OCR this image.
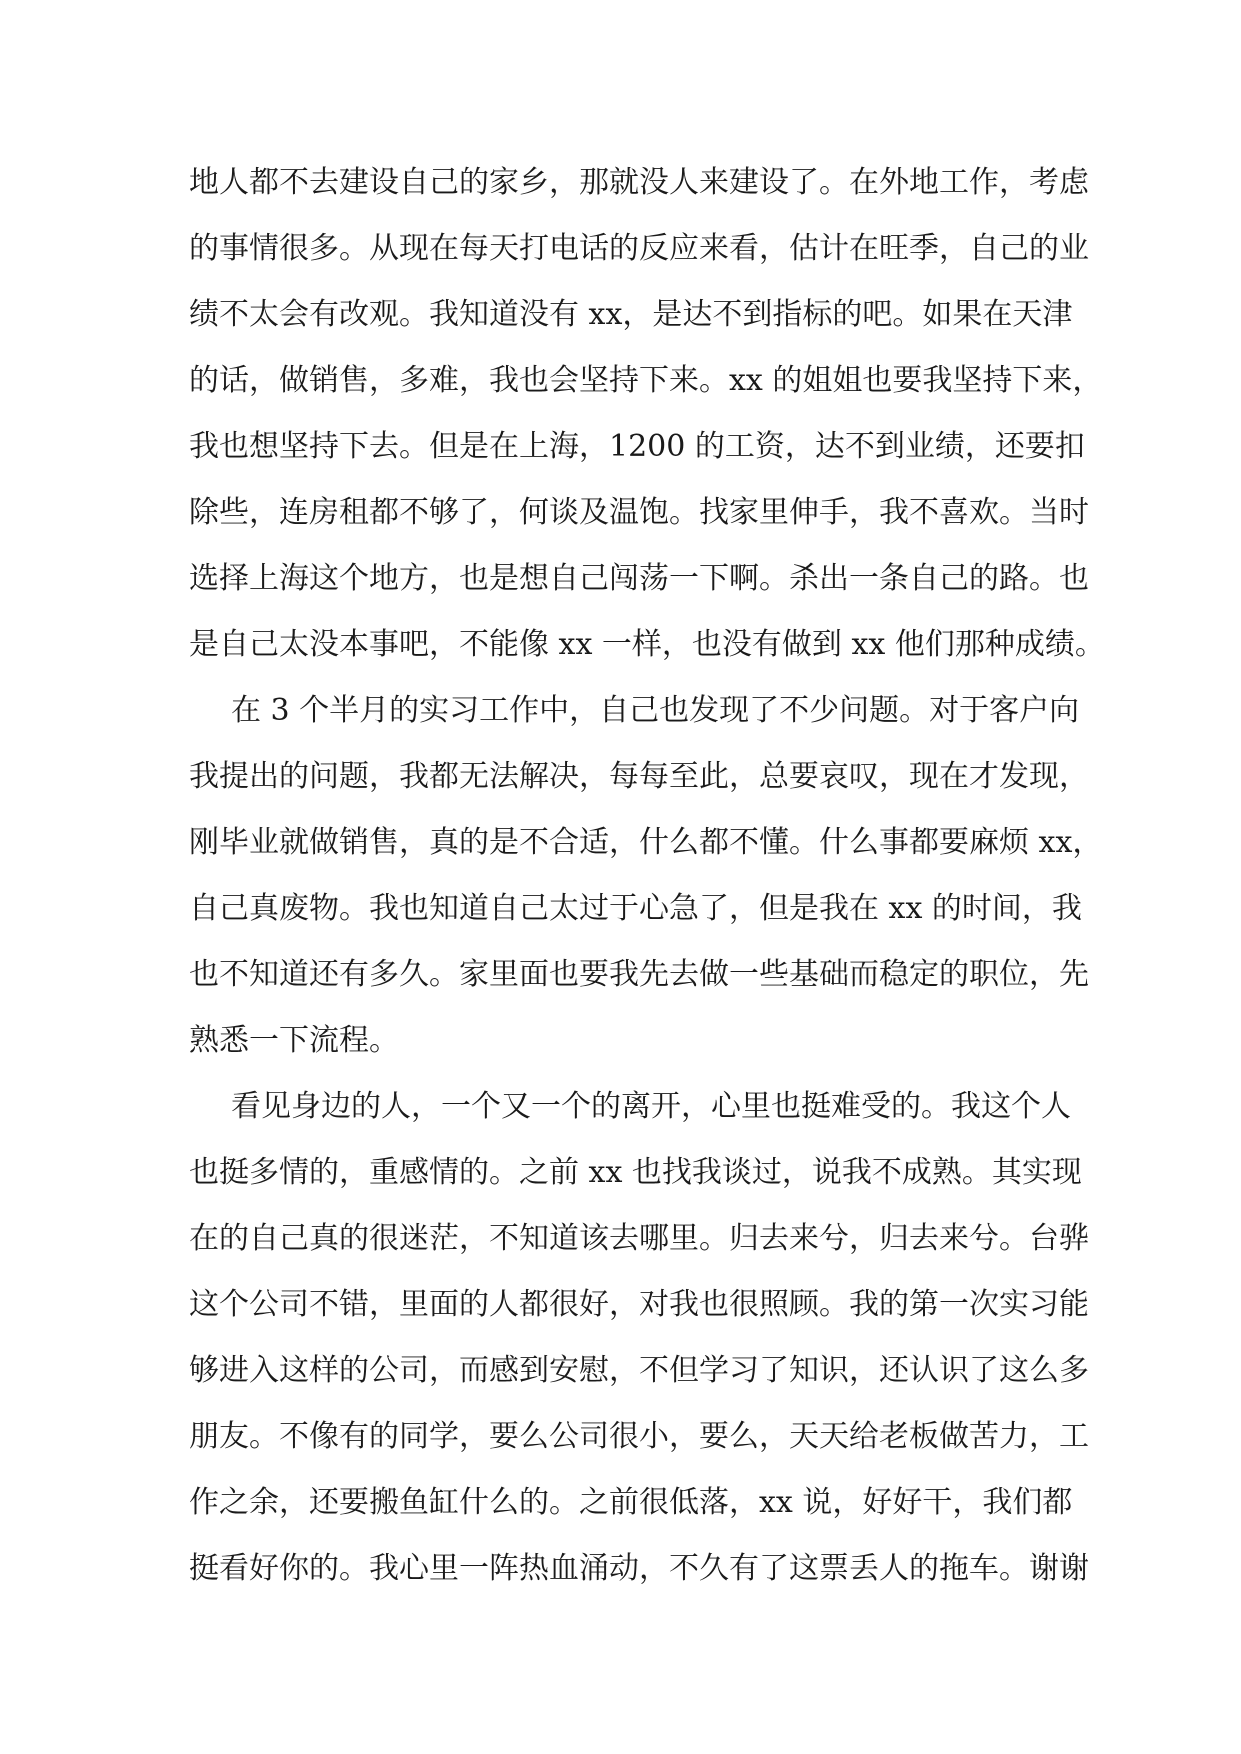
地人都不去建设自己的家乡，那就没人来建设了。在外地工作，考虑
的事情很多。从现在每天打电话的反应来看，估计在旺季，自己的业
绩不太会有改观。我知道没有 xx，是达不到指标的吧。如果在天津
的话，做销售，多难，我也会坚持下来。xx 的姐姐也要我坚持下来，
我也想坚持下去。但是在上海，1200 的工资，达不到业绩，还要扣
除些，连房租都不够了，何谈及温饱。找家里伸手，我不喜欢。当时
选择上海这个地方，也是想自己闯荡一下啊。杀出一条自己的路。也
是自己太没本事吧，不能像 xx 一样，也没有做到 xx 他们那种成绩。
在 3 个半月的实习工作中，自己也发现了不少问题。对于客户向
我提出的问题，我都无法解决，每每至此，总要哀叹，现在才发现，
刚毕业就做销售，真的是不合适，什么都不懂。什么事都要麻烦 xx，
自己真废物。我也知道自己太过于心急了，但是我在 xx 的时间，我
也不知道还有多久。家里面也要我先去做一些基础而稳定的职位，先
熟悉一下流程。
看见身边的人，一个又一个的离开，心里也挺难受的。我这个人
也挺多情的，重感情的。之前 xx 也找我谈过，说我不成熟。其实现
在的自己真的很迷茫，不知道该去哪里。归去来兮，归去来兮。台骅
这个公司不错，里面的人都很好，对我也很照顾。我的第一次实习能
够进入这样的公司，而感到安慰，不但学习了知识，还认识了这么多
朋友。不像有的同学，要么公司很小，要么，天天给老板做苦力，工
作之余，还要搬鱼缸什么的。之前很低落，xx 说，好好干，我们都
挺看好你的。我心里一阵热血涌动，不久有了这票丢人的拖车。谢谢
